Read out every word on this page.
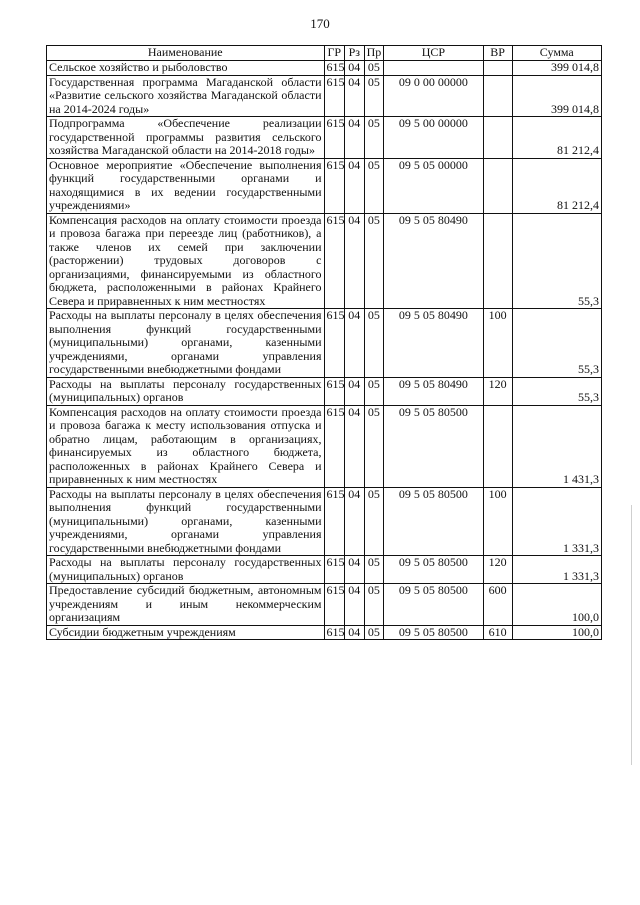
170
Наименование	ГР	Рз	Пр	ЦСР	ВР	Сумма
Сельское хозяйство и рыболовство	615	04	05			399 014,8
Государственная программа Магаданской области «Развитие сельского хозяйства Магаданской области на 2014-2024 годы»	615	04	05	09 0 00 00000		399 014,8
Подпрограмма «Обеспечение реализации государственной программы развития сельского хозяйства Магаданской области на 2014-2018 годы»	615	04	05	09 5 00 00000		81 212,4
Основное мероприятие «Обеспечение выполнения функций государственными органами и находящимися в их ведении государственными учреждениями»	615	04	05	09 5 05 00000		81 212,4
Компенсация расходов на оплату стоимости проезда и провоза багажа при переезде лиц (работников), а также членов их семей при заключении (расторжении) трудовых договоров с организациями, финансируемыми из областного бюджета, расположенными в районах Крайнего Севера и приравненных к ним местностях	615	04	05	09 5 05 80490		55,3
Расходы на выплаты персоналу в целях обеспечения выполнения функций государственными (муниципальными) органами, казенными учреждениями, органами управления государственными внебюджетными фондами	615	04	05	09 5 05 80490	100	55,3
Расходы на выплаты персоналу государственных (муниципальных) органов	615	04	05	09 5 05 80490	120	55,3
Компенсация расходов на оплату стоимости проезда и провоза багажа к месту использования отпуска и обратно лицам, работающим в организациях, финансируемых из областного бюджета, расположенных в районах Крайнего Севера и приравненных к ним местностях	615	04	05	09 5 05 80500		1 431,3
Расходы на выплаты персоналу в целях обеспечения выполнения функций государственными (муниципальными) органами, казенными учреждениями, органами управления государственными внебюджетными фондами	615	04	05	09 5 05 80500	100	1 331,3
Расходы на выплаты персоналу государственных (муниципальных) органов	615	04	05	09 5 05 80500	120	1 331,3
Предоставление субсидий бюджетным, автономным учреждениям и иным некоммерческим организациям	615	04	05	09 5 05 80500	600	100,0
Субсидии бюджетным учреждениям	615	04	05	09 5 05 80500	610	100,0
